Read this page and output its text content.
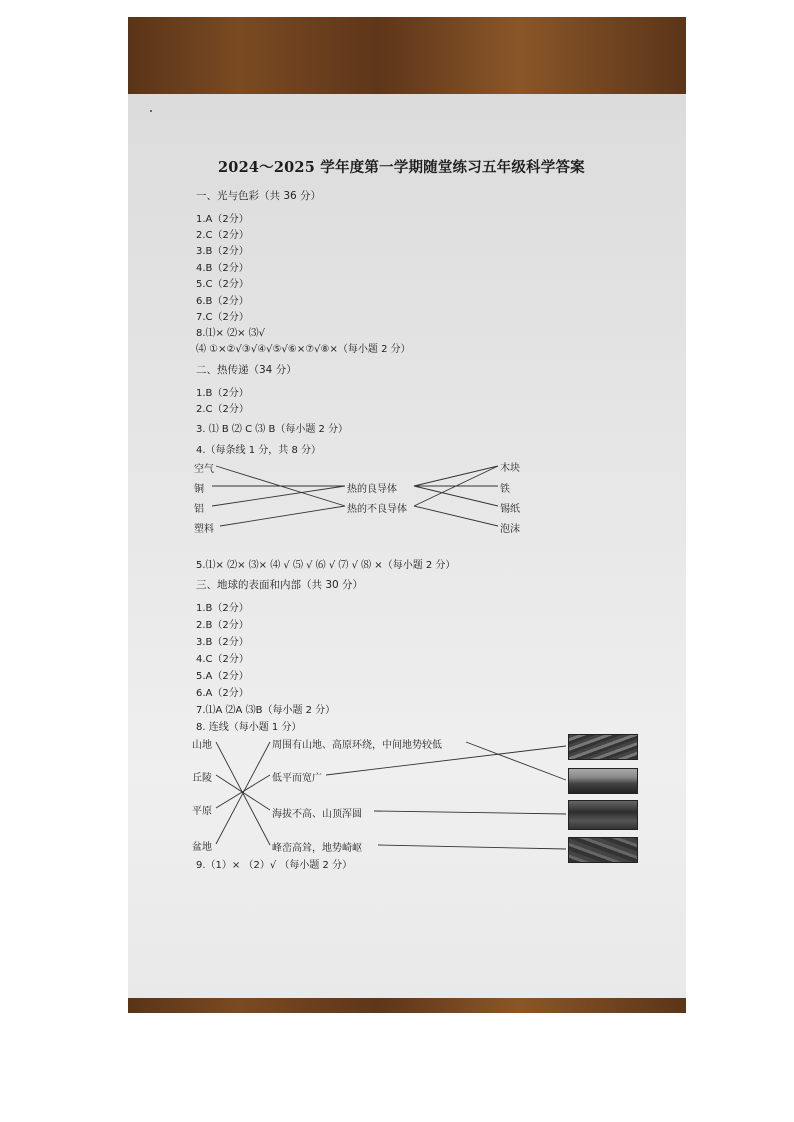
2024～2025 学年度第一学期随堂练习五年级科学答案
一、光与色彩（共 36 分）
1.A（2分）
2.C（2分）
3.B（2分）
4.B（2分）
5.C（2分）
6.B（2分）
7.C（2分）
8.⑴× ⑵× ⑶√
⑷ ①×②√③√④√⑤√⑥×⑦√⑧×（每小题 2 分）
二、热传递（34 分）
1.B（2分）
2.C（2分）
3. ⑴ B ⑵ C ⑶ B（每小题 2 分）
4.（每条线 1 分，共 8 分）
空气
铜
铝
塑料
热的良导体
热的不良导体
木块
铁
锡纸
泡沫
5.⑴× ⑵× ⑶× ⑷ √ ⑸ √ ⑹ √ ⑺ √ ⑻ ×（每小题 2 分）
三、地球的表面和内部（共 30 分）
1.B（2分）
2.B（2分）
3.B（2分）
4.C（2分）
5.A（2分）
6.A（2分）
7.⑴A ⑵A ⑶B（每小题 2 分）
8. 连线（每小题 1 分）
山地
丘陵
平原
盆地
周围有山地、高原环绕，中间地势较低
低平而宽广
海拔不高、山顶浑圆
峰峦高耸，地势崎岖
9.（1）× （2）√ （每小题 2 分）
